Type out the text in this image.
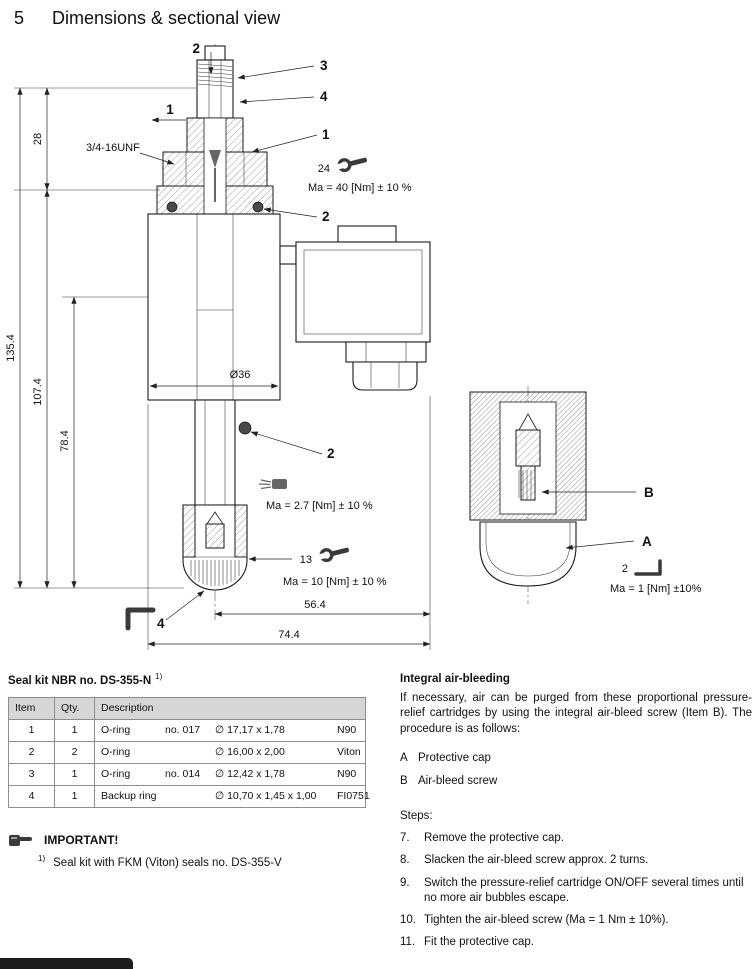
5 Dimensions & sectional view
2
3
4
1
1
3/4-16UNF
24
Ma = 40 [Nm] ± 10 %
2
Ø36
2
Ma = 2.7 [Nm] ± 10 %
13
Ma = 10 [Nm] ± 10 %
4
135.4
28
107.4
78.4
56.4
74.4
B
A
2
Ma = 1 [Nm] ±10%
Seal kit NBR no. DS-355-N $^{1)}$
Item	Qty.	Description
1	1	O-ring no. 017 ∅ 17,17 x 1,78 N90

2	2	O-ring ∅ 16,00 x 2,00 Viton

3	1	O-ring no. 014 ∅ 12,42 x 1,78 N90

4	1	Backup ring ∅ 10,70 x 1,45 x 1,00 FI0751
IMPORTANT!
$^{1)}$ Seal kit with FKM (Viton) seals no. DS-355-V
Integral air-bleeding

If necessary, air can be purged from these proportional pressure-relief cartridges by using the integral air-bleed screw (Item B). The procedure is as follows:

A Protective cap
B Air-bleed screw
Steps:
7.	Remove the protective cap.
8.	Slacken the air-bleed screw approx. 2 turns.
9.	Switch the pressure-relief cartridge ON/OFF several times until no more air bubbles escape.
10. Tighten the air-bleed screw (Ma = 1 Nm ± 10%).
11. Fit the protective cap.
